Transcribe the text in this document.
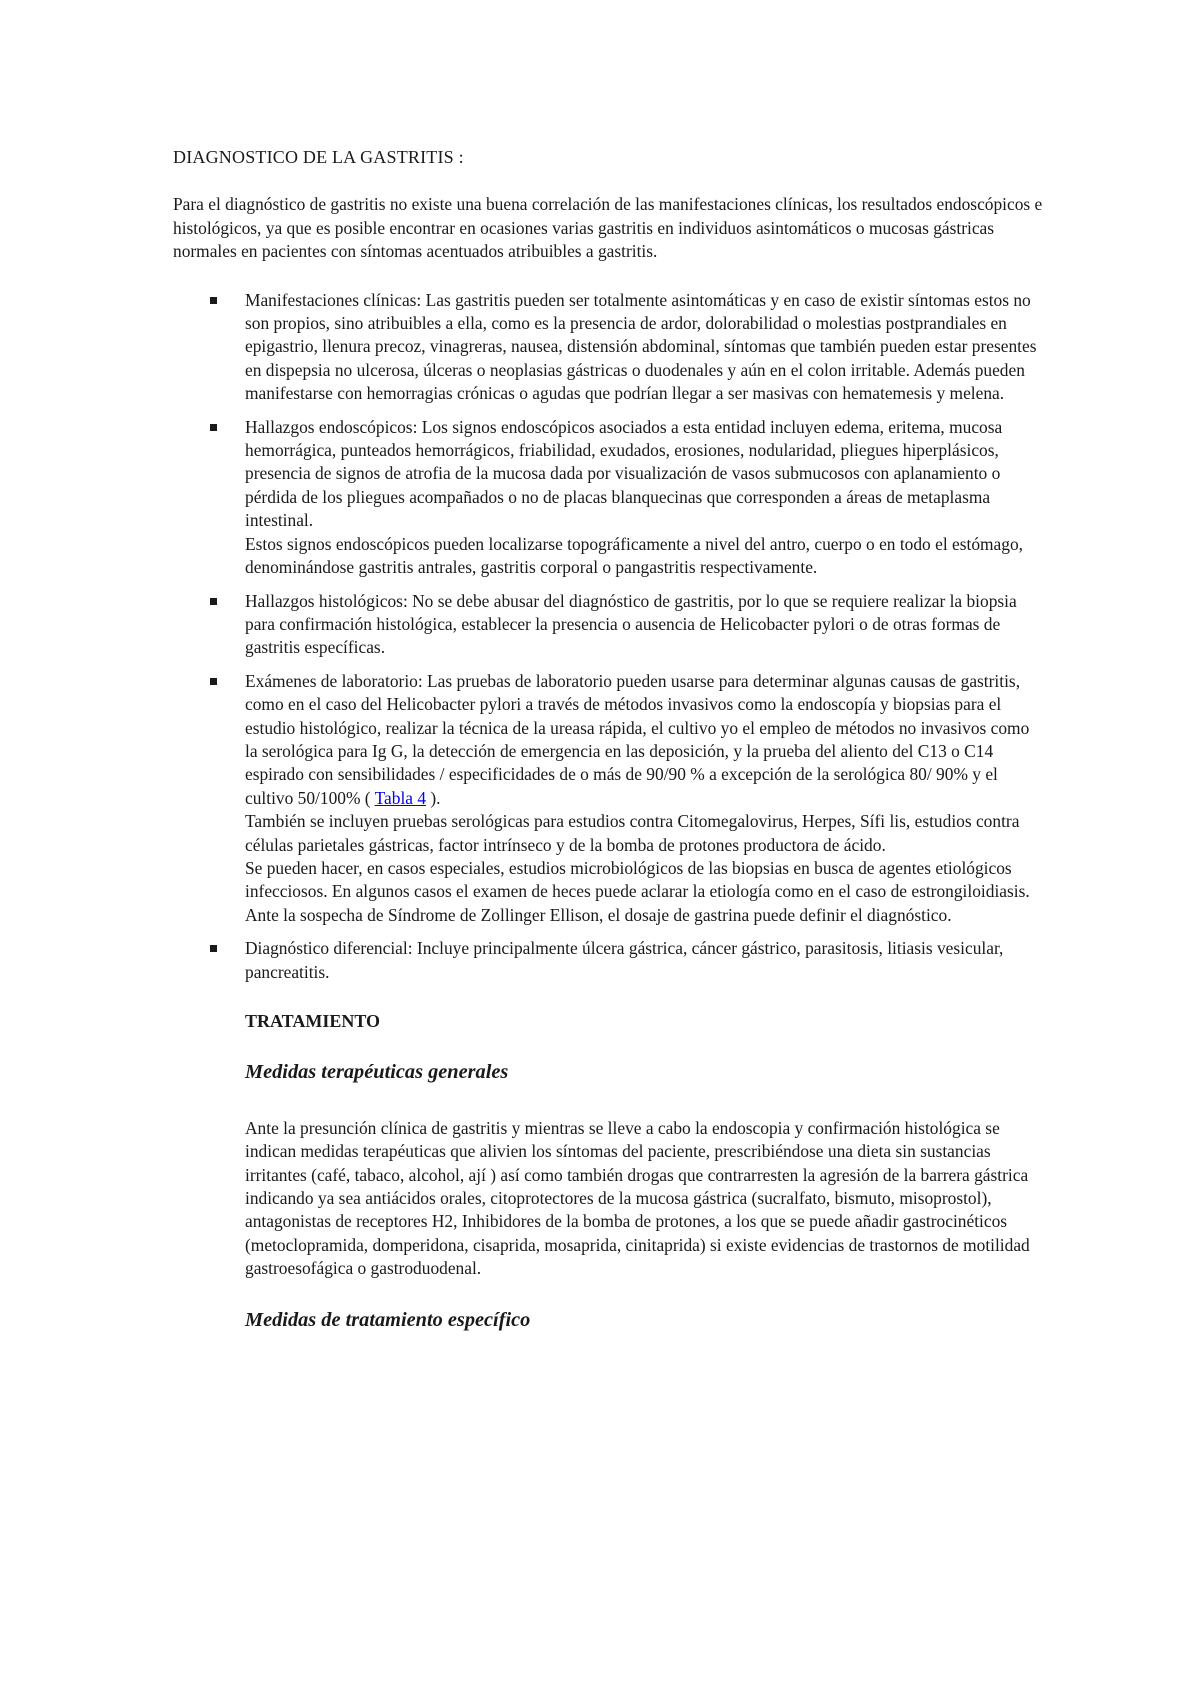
DIAGNOSTICO DE LA GASTRITIS :

Para el diagnóstico de gastritis no existe una buena correlación de las manifestaciones clínicas, los resultados endoscópicos e histológicos, ya que es posible encontrar en ocasiones varias gastritis en individuos asintomáticos o mucosas gástricas normales en pacientes con síntomas acentuados atribuibles a gastritis.

Manifestaciones clínicas: Las gastritis pueden ser totalmente asintomáticas y en caso de existir síntomas estos no son propios, sino atribuibles a ella, como es la presencia de ardor, dolorabilidad o molestias postprandiales en epigastrio, llenura precoz, vinagreras, nausea, distensión abdominal, síntomas que también pueden estar presentes en dispepsia no ulcerosa, úlceras o neoplasias gástricas o duodenales y aún en el colon irritable. Además pueden manifestarse con hemorragias crónicas o agudas que podrían llegar a ser masivas con hematemesis y melena.
Hallazgos endoscópicos: Los signos endoscópicos asociados a esta entidad incluyen edema, eritema, mucosa hemorrágica, punteados hemorrágicos, friabilidad, exudados, erosiones, nodularidad, pliegues hiperplásicos, presencia de signos de atrofia de la mucosa dada por visualización de vasos submucosos con aplanamiento o pérdida de los pliegues acompañados o no de placas blanquecinas que corresponden a áreas de metaplasma intestinal.
Estos signos endoscópicos pueden localizarse topográficamente a nivel del antro, cuerpo o en todo el estómago, denominándose gastritis antrales, gastritis corporal o pangastritis respectivamente.
Hallazgos histológicos: No se debe abusar del diagnóstico de gastritis, por lo que se requiere realizar la biopsia para confirmación histológica, establecer la presencia o ausencia de Helicobacter pylori o de otras formas de gastritis específicas.
Exámenes de laboratorio: Las pruebas de laboratorio pueden usarse para determinar algunas causas de gastritis, como en el caso del Helicobacter pylori a través de métodos invasivos como la endoscopía y biopsias para el estudio histológico, realizar la técnica de la ureasa rápida, el cultivo yo el empleo de métodos no invasivos como la serológica para Ig G, la detección de emergencia en las deposición, y la prueba del aliento del C13 o C14 espirado con sensibilidades / especificidades de o más de 90/90 % a excepción de la serológica 80/ 90% y el cultivo 50/100% ( Tabla 4 ).
También se incluyen pruebas serológicas para estudios contra Citomegalovirus, Herpes, Sífi lis, estudios contra células parietales gástricas, factor intrínseco y de la bomba de protones productora de ácido.
Se pueden hacer, en casos especiales, estudios microbiológicos de las biopsias en busca de agentes etiológicos infecciosos. En algunos casos el examen de heces puede aclarar la etiología como en el caso de estrongiloidiasis. Ante la sospecha de Síndrome de Zollinger Ellison, el dosaje de gastrina puede definir el diagnóstico.
Diagnóstico diferencial: Incluye principalmente úlcera gástrica, cáncer gástrico, parasitosis, litiasis vesicular, pancreatitis.
TRATAMIENTO
Medidas terapéuticas generales

Ante la presunción clínica de gastritis y mientras se lleve a cabo la endoscopia y confirmación histológica se indican medidas terapéuticas que alivien los síntomas del paciente, prescribiéndose una dieta sin sustancias irritantes (café, tabaco, alcohol, ají ) así como también drogas que contrarresten la agresión de la barrera gástrica indicando ya sea antiácidos orales, citoprotectores de la mucosa gástrica (sucralfato, bismuto, misoprostol), antagonistas de receptores H2, Inhibidores de la bomba de protones, a los que se puede añadir gastrocinéticos (metoclopramida, domperidona, cisaprida, mosaprida, cinitaprida) si existe evidencias de trastornos de motilidad gastroesofágica o gastroduodenal.

Medidas de tratamiento específico
